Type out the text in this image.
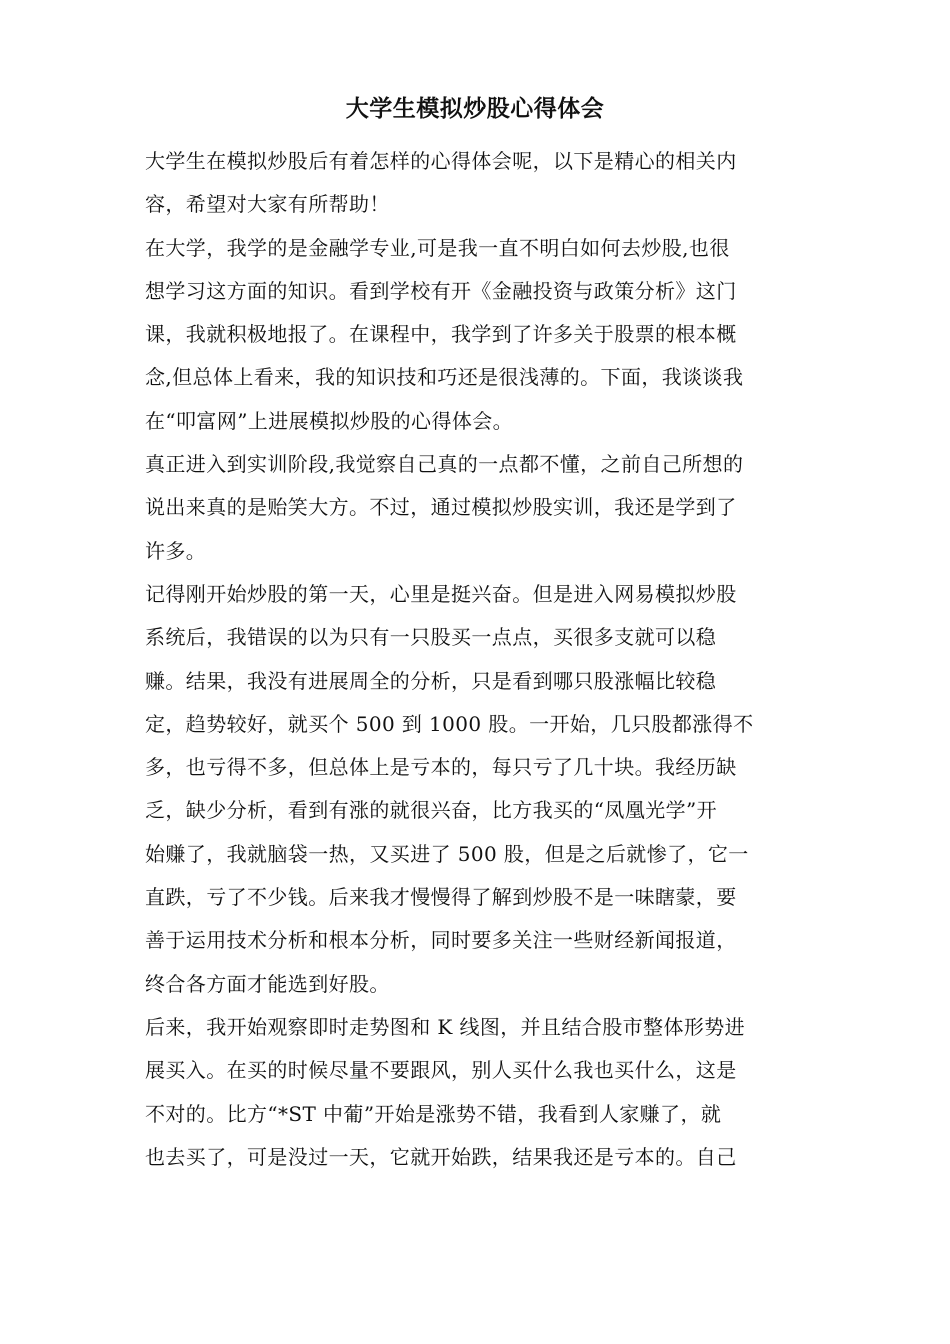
大学生模拟炒股心得体会
大学生在模拟炒股后有着怎样的心得体会呢，以下是精心的相关内
容，希望对大家有所帮助！
在大学，我学的是金融学专业,可是我一直不明白如何去炒股,也很
想学习这方面的知识。看到学校有开《金融投资与政策分析》这门
课，我就积极地报了。在课程中，我学到了许多关于股票的根本概
念,但总体上看来，我的知识技和巧还是很浅薄的。下面，我谈谈我
在“叩富网”上进展模拟炒股的心得体会。
真正进入到实训阶段,我觉察自己真的一点都不懂，之前自己所想的
说出来真的是贻笑大方。不过，通过模拟炒股实训，我还是学到了
许多。
记得刚开始炒股的第一天，心里是挺兴奋。但是进入网易模拟炒股
系统后，我错误的以为只有一只股买一点点，买很多支就可以稳
赚。结果，我没有进展周全的分析，只是看到哪只股涨幅比较稳
定，趋势较好，就买个 500 到 1000 股。一开始，几只股都涨得不
多，也亏得不多，但总体上是亏本的，每只亏了几十块。我经历缺
乏，缺少分析，看到有涨的就很兴奋，比方我买的“凤凰光学”开
始赚了，我就脑袋一热，又买进了 500 股，但是之后就惨了，它一
直跌，亏了不少钱。后来我才慢慢得了解到炒股不是一味瞎蒙，要
善于运用技术分析和根本分析，同时要多关注一些财经新闻报道，
终合各方面才能选到好股。
后来，我开始观察即时走势图和 K 线图，并且结合股市整体形势进
展买入。在买的时候尽量不要跟风，别人买什么我也买什么，这是
不对的。比方“*ST 中葡”开始是涨势不错，我看到人家赚了，就
也去买了，可是没过一天，它就开始跌，结果我还是亏本的。自己
